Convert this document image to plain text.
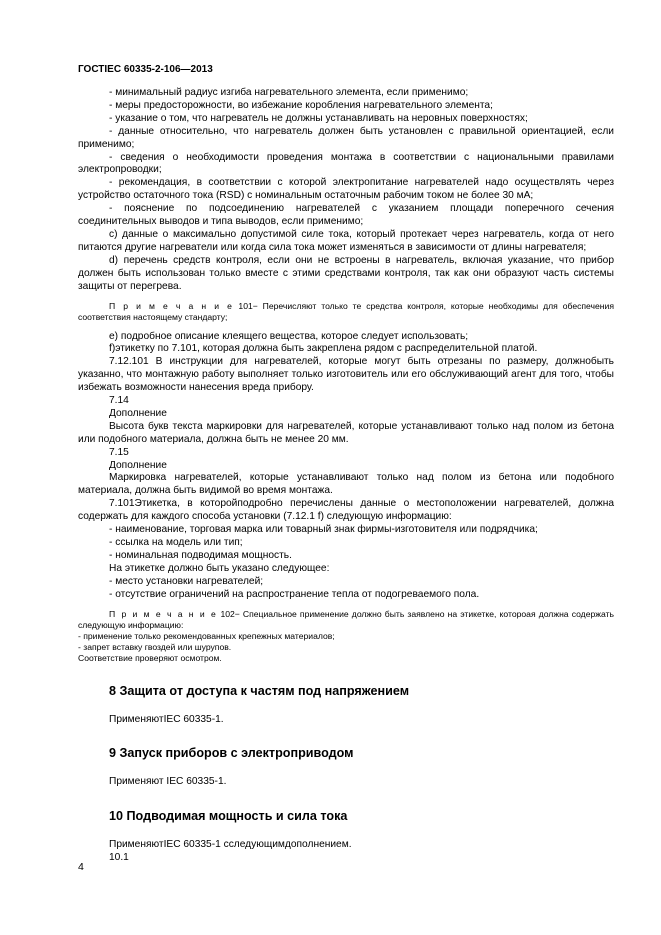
ГОСТIEC 60335-2-106—2013

- минимальный радиус изгиба нагревательного элемента, если применимо;

- меры предосторожности, во избежание коробления нагревательного элемента;

- указание о том, что нагреватель не должны устанавливать на неровных поверхностях;

- данные относительно, что нагреватель должен быть установлен с правильной ориентацией, если применимо;

- сведения о необходимости проведения монтажа в соответствии с национальными правилами электропроводки;

- рекомендация, в соответствии с которой электропитание нагревателей надо осуществлять через устройство остаточного тока (RSD) с номинальным остаточным рабочим током не более 30 мА;

- пояснение по подсоединению нагревателей с указанием площади поперечного сечения соединительных выводов и типа выводов, если применимо;

c) данные о максимально допустимой силе тока, который протекает через нагреватель, когда от него питаются другие нагреватели или когда сила тока может изменяться в зависимости от длины нагревателя;

d) перечень средств контроля, если они не встроены в нагреватель, включая указание, что прибор должен быть использован только вместе с этими средствами контроля, так как они образуют часть системы защиты от перегрева.

П р и м е ч а н и е 101− Перечисляют только те средства контроля, которые необходимы для обеспечения соответствия настоящему стандарту;

e) подробное описание клеящего вещества, которое следует использовать;

f)этикетку по 7.101, которая должна быть закреплена рядом с распределительной платой.

7.12.101 В инструкции для нагревателей, которые могут быть отрезаны по размеру, должнобыть указанно, что монтажную работу выполняет только изготовитель или его обслуживающий агент для того, чтобы избежать возможности нанесения вреда прибору.

7.14

Дополнение

Высота букв текста маркировки для нагревателей, которые устанавливают только над полом из бетона или подобного материала, должна быть не менее 20 мм.

7.15

Дополнение

Маркировка нагревателей, которые устанавливают только над полом из бетона или подобного материала, должна быть видимой во время монтажа.

7.101Этикетка, в которойподробно перечислены данные о местоположении нагревателей, должна содержать для каждого способа установки (7.12.1 f) следующую информацию:

- наименование, торговая марка или товарный знак фирмы-изготовителя или подрядчика;

- ссылка на модель или тип;

- номинальная подводимая мощность.

На этикетке должно быть указано следующее:

- место установки нагревателей;

- отсутствие ограничений на распространение тепла от подогреваемого пола.

П р и м е ч а н и е 102− Специальное применение должно быть заявлено на этикетке, котороая должна содержать следующую информацию:

- применение только рекомендованных крепежных материалов;

- запрет вставку гвоздей или шурупов.

Соответствие проверяют осмотром.

8 Защита от доступа к частям под напряжением

ПрименяютIEC 60335-1.

9 Запуск приборов с электроприводом

Применяют IEC 60335-1.

10 Подводимая мощность и сила тока

ПрименяютIEC 60335-1 сследующимдополнением.

10.1

4
